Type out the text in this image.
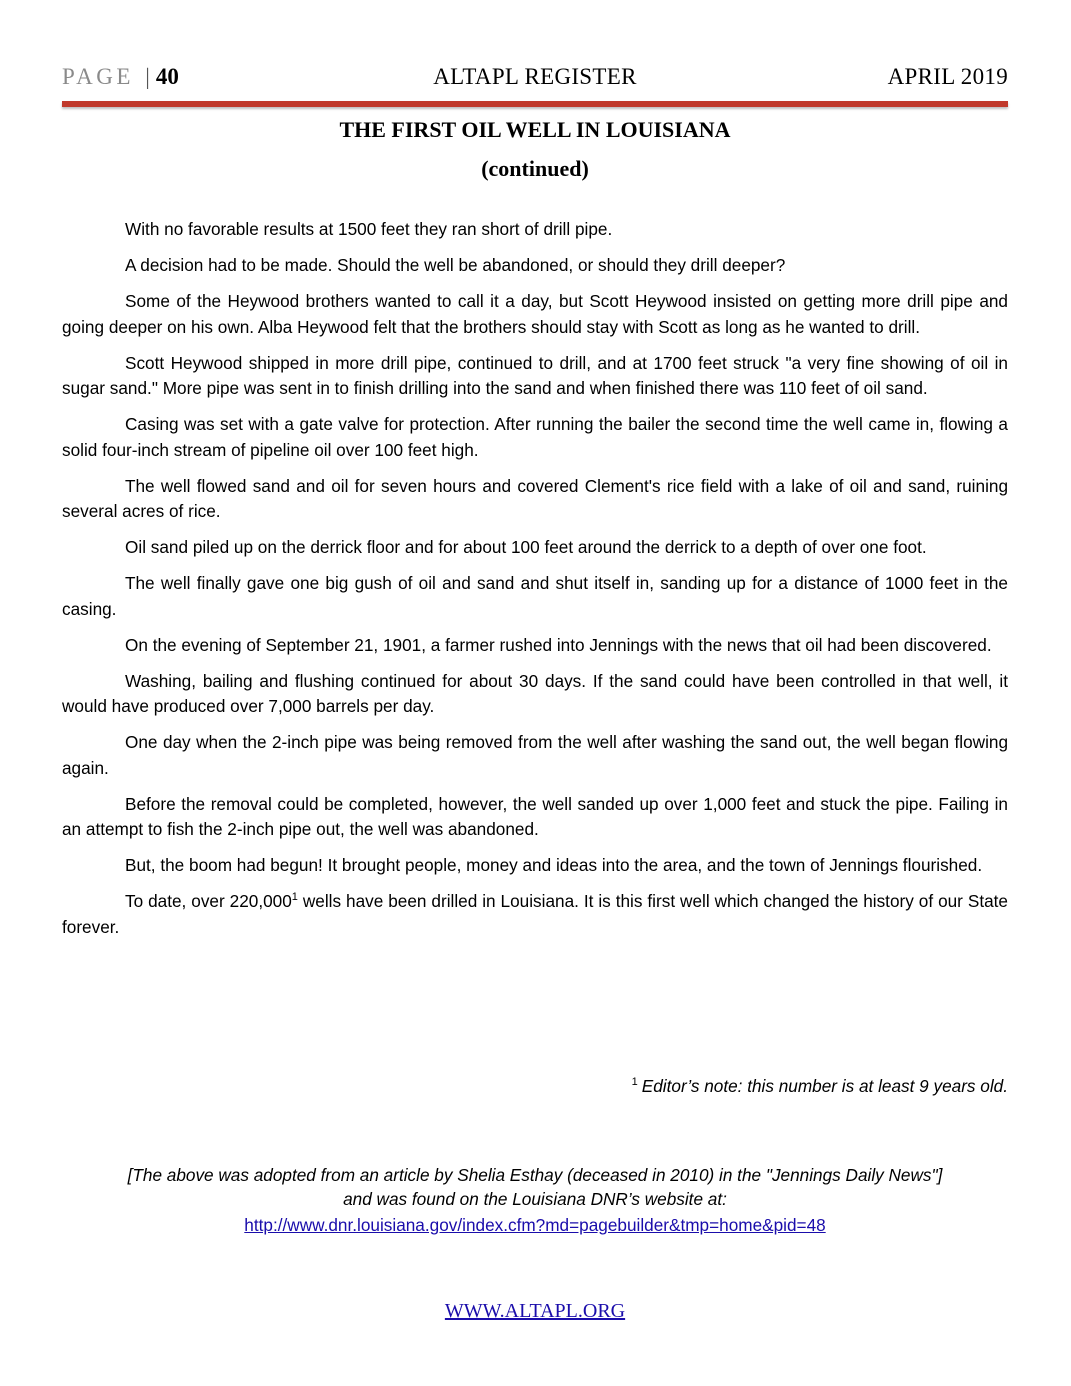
PAGE | 40	ALTAPL REGISTER	APRIL 2019
THE FIRST OIL WELL IN LOUISIANA
(continued)

With no favorable results at 1500 feet they ran short of drill pipe.

A decision had to be made. Should the well be abandoned, or should they drill deeper?

Some of the Heywood brothers wanted to call it a day, but Scott Heywood insisted on getting more drill pipe and going deeper on his own. Alba Heywood felt that the brothers should stay with Scott as long as he wanted to drill.

Scott Heywood shipped in more drill pipe, continued to drill, and at 1700 feet struck "a very fine showing of oil in sugar sand." More pipe was sent in to finish drilling into the sand and when finished there was 110 feet of oil sand.

Casing was set with a gate valve for protection. After running the bailer the second time the well came in, flowing a solid four-inch stream of pipeline oil over 100 feet high.

The well flowed sand and oil for seven hours and covered Clement's rice field with a lake of oil and sand, ruining several acres of rice.

Oil sand piled up on the derrick floor and for about 100 feet around the derrick to a depth of over one foot.

The well finally gave one big gush of oil and sand and shut itself in, sanding up for a distance of 1000 feet in the casing.

On the evening of September 21, 1901, a farmer rushed into Jennings with the news that oil had been discovered.

Washing, bailing and flushing continued for about 30 days. If the sand could have been controlled in that well, it would have produced over 7,000 barrels per day.

One day when the 2-inch pipe was being removed from the well after washing the sand out, the well began flowing again.

Before the removal could be completed, however, the well sanded up over 1,000 feet and stuck the pipe. Failing in an attempt to fish the 2-inch pipe out, the well was abandoned.

But, the boom had begun! It brought people, money and ideas into the area, and the town of Jennings flourished.

To date, over 220,000$^1$ wells have been drilled in Louisiana. It is this first well which changed the history of our State forever.

$^1$ Editor’s note: this number is at least 9 years old.
[The above was adopted from an article by Shelia Esthay (deceased in 2010) in the "Jennings Daily News"]
and was found on the Louisiana DNR’s website at:
http://www.dnr.louisiana.gov/index.cfm?md=pagebuilder&tmp=home&pid=48
WWW.ALTAPL.ORG
